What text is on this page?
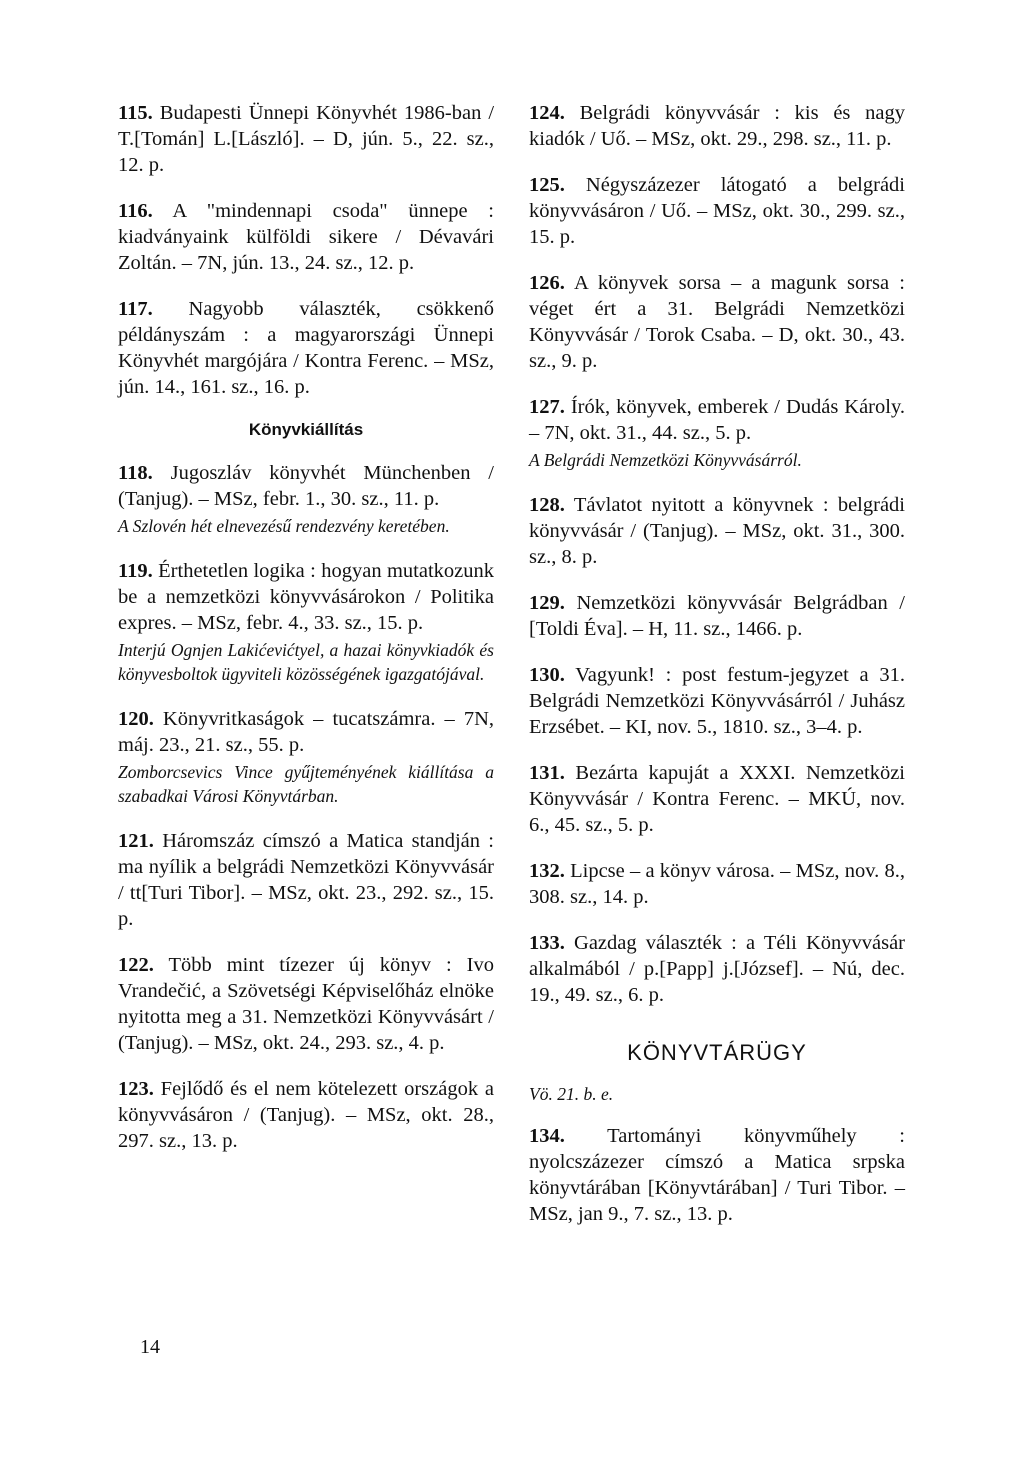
115. Budapesti Ünnepi Könyvhét 1986-ban / T.[Tomán] L.[László]. – D, jún. 5., 22. sz., 12. p.
116. A "mindennapi csoda" ünnepe : kiadványaink külföldi sikere / Dévavári Zoltán. – 7N, jún. 13., 24. sz., 12. p.
117. Nagyobb választék, csökkenő példányszám : a magyarországi Ünnepi Könyvhét margójára / Kontra Ferenc. – MSz, jún. 14., 161. sz., 16. p.
Könyvkiállítás
118. Jugoszláv könyvhét Münchenben / (Tanjug). – MSz, febr. 1., 30. sz., 11. p.
A Szlovén hét elnevezésű rendezvény keretében.
119. Érthetetlen logika : hogyan mutatkozunk be a nemzetközi könyvvásárokon / Politika expres. – MSz, febr. 4., 33. sz., 15. p.
Interjú Ognjen Lakićevićtyel, a hazai könyvkiadók és könyvesboltok ügyviteli közösségének igazgatójával.
120. Könyvritkaságok – tucatszámra. – 7N, máj. 23., 21. sz., 55. p.
Zomborcsevics Vince gyűjteményének kiállítása a szabadkai Városi Könyvtárban.
121. Háromszáz címszó a Matica standján : ma nyílik a belgrádi Nemzetközi Könyvvásár / tt[Turi Tibor]. – MSz, okt. 23., 292. sz., 15. p.
122. Több mint tízezer új könyv : Ivo Vrandečić, a Szövetségi Képviselőház elnöke nyitotta meg a 31. Nemzetközi Könyvvásárt / (Tanjug). – MSz, okt. 24., 293. sz., 4. p.
123. Fejlődő és el nem kötelezett országok a könyvvásáron / (Tanjug). – MSz, okt. 28., 297. sz., 13. p.
124. Belgrádi könyvvásár : kis és nagy kiadók / Uő. – MSz, okt. 29., 298. sz., 11. p.
125. Négyszázezer látogató a belgrádi könyvvásáron / Uő. – MSz, okt. 30., 299. sz., 15. p.
126. A könyvek sorsa – a magunk sorsa : véget ért a 31. Belgrádi Nemzetközi Könyvvásár / Torok Csaba. – D, okt. 30., 43. sz., 9. p.
127. Írók, könyvek, emberek / Dudás Károly. – 7N, okt. 31., 44. sz., 5. p.
A Belgrádi Nemzetközi Könyvvásárról.
128. Távlatot nyitott a könyvnek : belgrádi könyvvásár / (Tanjug). – MSz, okt. 31., 300. sz., 8. p.
129. Nemzetközi könyvvásár Belgrádban / [Toldi Éva]. – H, 11. sz., 1466. p.
130. Vagyunk! : post festum-jegyzet a 31. Belgrádi Nemzetközi Könyvvásárról / Juhász Erzsébet. – KI, nov. 5., 1810. sz., 3–4. p.
131. Bezárta kapuját a XXXI. Nemzetközi Könyvvásár / Kontra Ferenc. – MKÚ, nov. 6., 45. sz., 5. p.
132. Lipcse – a könyv városa. – MSz, nov. 8., 308. sz., 14. p.
133. Gazdag választék : a Téli Könyvvásár alkalmából / p.[Papp] j.[József]. – Nú, dec. 19., 49. sz., 6. p.
KÖNYVTÁRÜGY
Vö. 21. b. e.
134. Tartományi könyvműhely : nyolcszázezer címszó a Matica srpska könyvtárában [Könyvtárában] / Turi Tibor. – MSz, jan 9., 7. sz., 13. p.
14
